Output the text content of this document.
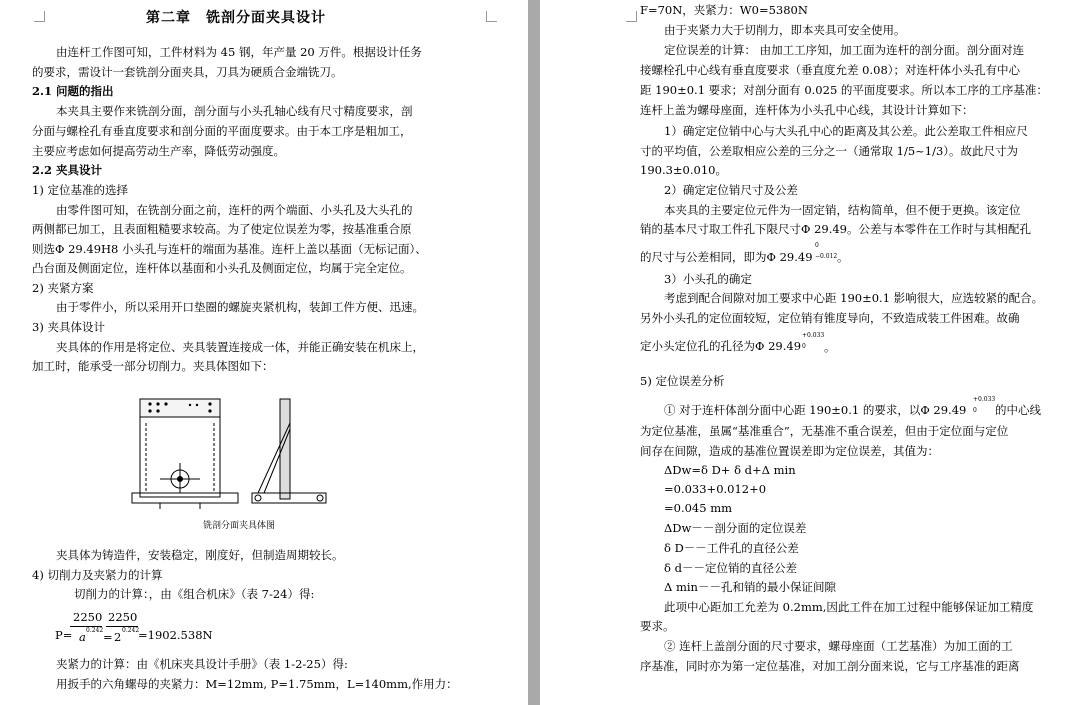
第二章　铣剖分面夹具设计
由连杆工作图可知，工件材料为 45 钢，年产量 20 万件。根据设计任务
的要求，需设计一套铣剖分面夹具，刀具为硬质合金端铣刀。
2.1 问题的指出
本夹具主要作来铣剖分面，剖分面与小头孔轴心线有尺寸精度要求，剖
分面与螺栓孔有垂直度要求和剖分面的平面度要求。由于本工序是粗加工，
主要应考虑如何提高劳动生产率，降低劳动强度。
2.2 夹具设计
1) 定位基准的选择
由零件图可知，在铣剖分面之前，连杆的两个端面、小头孔及大头孔的
两侧都已加工，且表面粗糙要求较高。为了使定位误差为零，按基准重合原
则选Φ 29.49H8 小头孔与连杆的端面为基准。连杆上盖以基面（无标记面）、
凸台面及侧面定位，连杆体以基面和小头孔及侧面定位，均属于完全定位。
2) 夹紧方案
由于零件小，所以采用开口垫圈的螺旋夹紧机构，装卸工件方便、迅速。
3) 夹具体设计
夹具体的作用是将定位、夹具装置连接成一体，并能正确安装在机床上，
加工时，能承受一部分切削力。夹具体图如下：
铣剖分面夹具体图
夹具体为铸造件，安装稳定，刚度好，但制造周期较长。
4) 切削力及夹紧力的计算
切削力的计算：，由《组合机床》（表 7-24）得:
2250 2250
P= a 0.242 = 2 0.242
=1902.538N
夹紧力的计算：由《机床夹具设计手册》（表 1-2-25）得:
用扳手的六角螺母的夹紧力：M=12mm, P=1.75mm，L=140mm,作用力：
F=70N，夹紧力：W0=5380N
由于夹紧力大于切削力，即本夹具可安全使用。
定位误差的计算： 由加工工序知，加工面为连杆的剖分面。剖分面对连
接螺栓孔中心线有垂直度要求（垂直度允差 0.08）；对连杆体小头孔有中心
距 190±0.1 要求；对剖分面有 0.025 的平面度要求。所以本工序的工序基准：
连杆上盖为螺母座面，连杆体为小头孔中心线，其设计计算如下：
1）确定定位销中心与大头孔中心的距离及其公差。此公差取工件相应尺
寸的平均值，公差取相应公差的三分之一（通常取 1/5~1/3）。故此尺寸为
190.3±0.010。
2）确定定位销尺寸及公差
本夹具的主要定位元件为一固定销，结构简单，但不便于更换。该定位
销的基本尺寸取工件孔下限尺寸Φ 29.49。公差与本零件在工作时与其相配孔
的尺寸与公差相同，即为Φ 29.49
0
−0.012 。
3）小头孔的确定
考虑到配合间隙对加工要求中心距 190±0.1 影响很大，应选较紧的配合。
另外小头孔的定位面较短，定位销有锥度导向，不致造成装工件困难。故确
定小头定位孔的孔径为Φ 29.49
+0.033
0 。
5) 定位误差分析
① 对于连杆体剖分面中心距 190±0.1 的要求，以Φ 29.49
+0.033
0 的中心线
为定位基准，虽属“基准重合”，无基准不重合误差，但由于定位面与定位
间存在间隙，造成的基准位置误差即为定位误差，其值为：
ΔDw=δ D+ δ d+Δ min
=0.033+0.012+0
=0.045 mm
ΔDw－－剖分面的定位误差
δ D－－工件孔的直径公差
δ d－－定位销的直径公差
Δ min－－孔和销的最小保证间隙
此项中心距加工允差为 0.2mm,因此工件在加工过程中能够保证加工精度
要求。
② 连杆上盖剖分面的尺寸要求，螺母座面（工艺基准）为加工面的工
序基准，同时亦为第一定位基准，对加工剖分面来说，它与工序基准的距离
